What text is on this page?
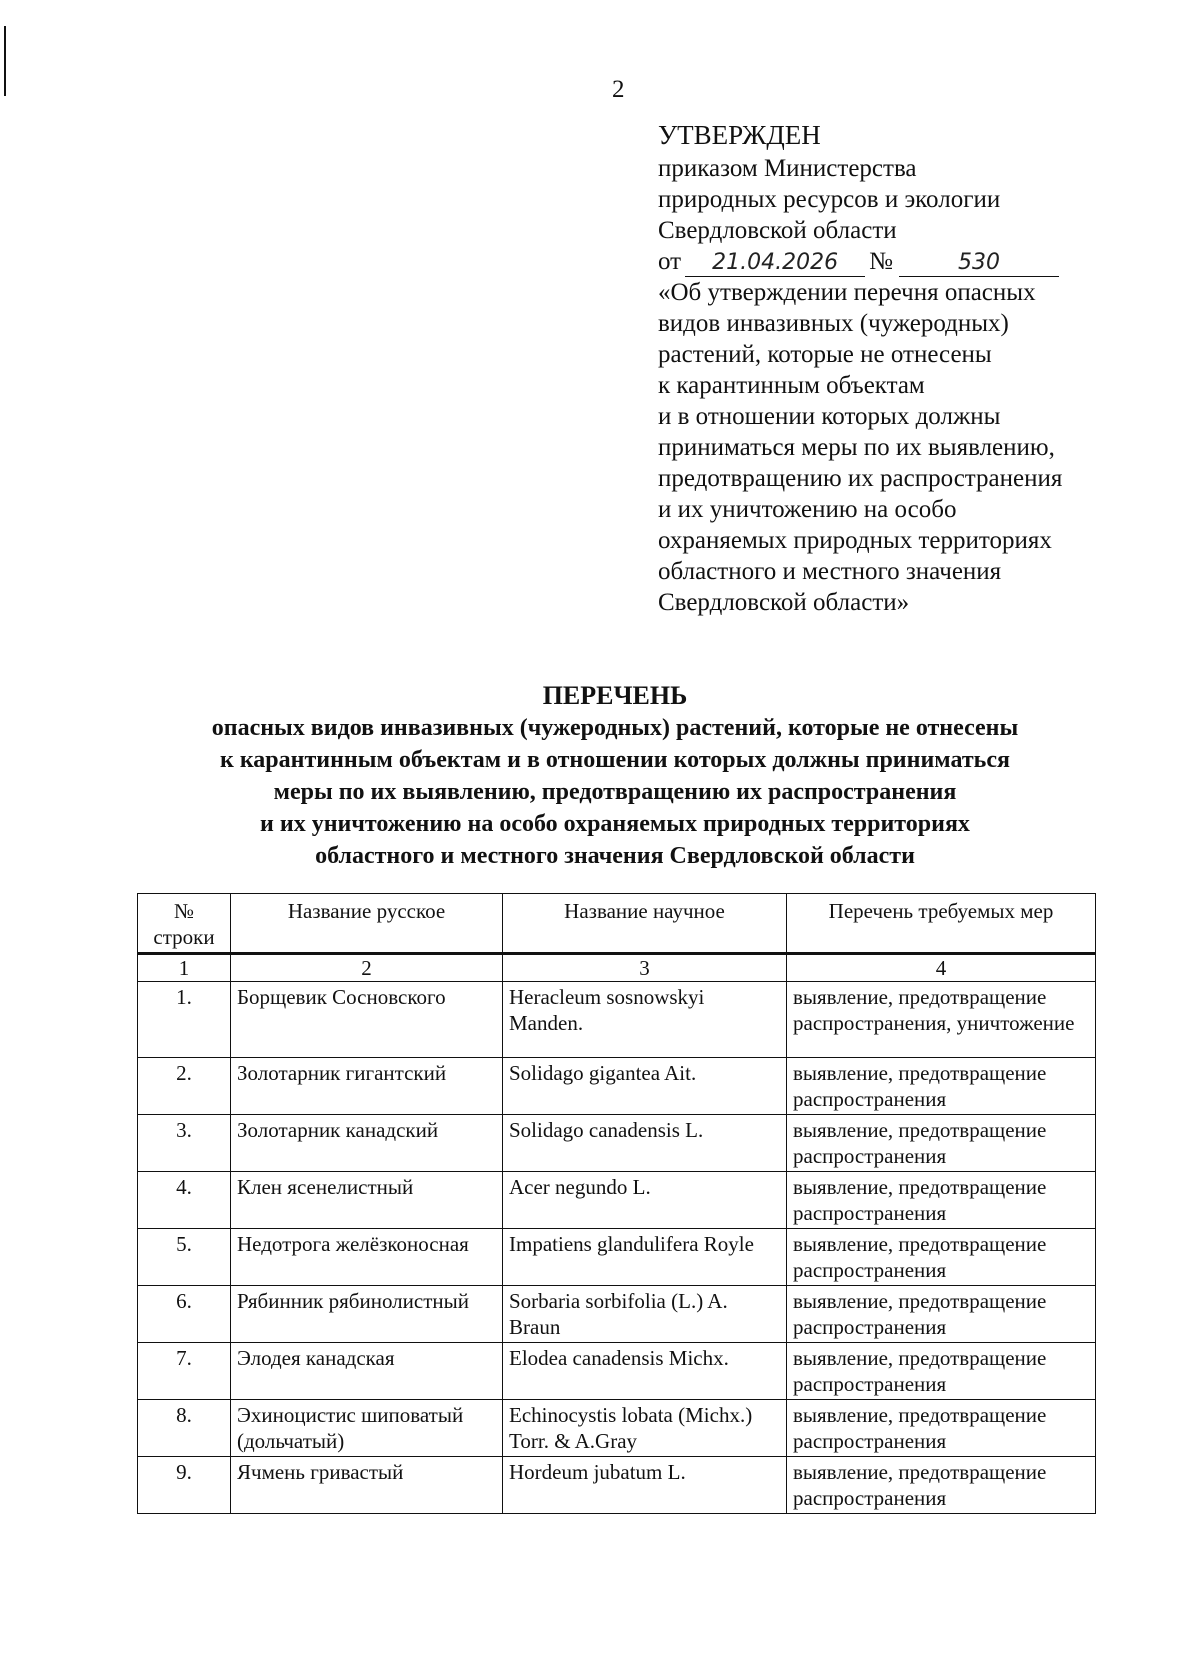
2
УТВЕРЖДЕН
приказом Министерства
природных ресурсов и экологии
Свердловской области
от	21.04.2026	№	530
«Об утверждении перечня опасных
видов инвазивных (чужеродных)
растений, которые не отнесены
к карантинным объектам
и в отношении которых должны
приниматься меры по их выявлению,
предотвращению их распространения
и их уничтожению на особо
охраняемых природных территориях
областного и местного значения
Свердловской области»
ПЕРЕЧЕНЬ
опасных видов инвазивных (чужеродных) растений, которые не отнесены
к карантинным объектам и в отношении которых должны приниматься
меры по их выявлению, предотвращению их распространения
и их уничтожению на особо охраняемых природных территориях
областного и местного значения Свердловской области
№ строки	Название русское	Название научное	Перечень требуемых мер
1	2	3	4
1.	Борщевик Сосновского	Heracleum sosnowskyi Manden.	выявление, предотвращение распространения, уничтожение
2.	Золотарник гигантский	Solidago gigantea Ait.	выявление, предотвращение распространения
3.	Золотарник канадский	Solidago canadensis L.	выявление, предотвращение распространения
4.	Клен ясенелистный	Acer negundo L.	выявление, предотвращение распространения
5.	Недотрога желёзконосная	Impatiens glandulifera Royle	выявление, предотвращение распространения
6.	Рябинник рябинолистный	Sorbaria sorbifolia (L.) A. Braun	выявление, предотвращение распространения
7.	Элодея канадская	Elodea canadensis Michx.	выявление, предотвращение распространения
8.	Эхиноцистис шиповатый (дольчатый)	Echinocystis lobata (Michx.) Torr. & A.Gray	выявление, предотвращение распространения
9.	Ячмень гривастый	Hordeum jubatum L.	выявление, предотвращение распространения
